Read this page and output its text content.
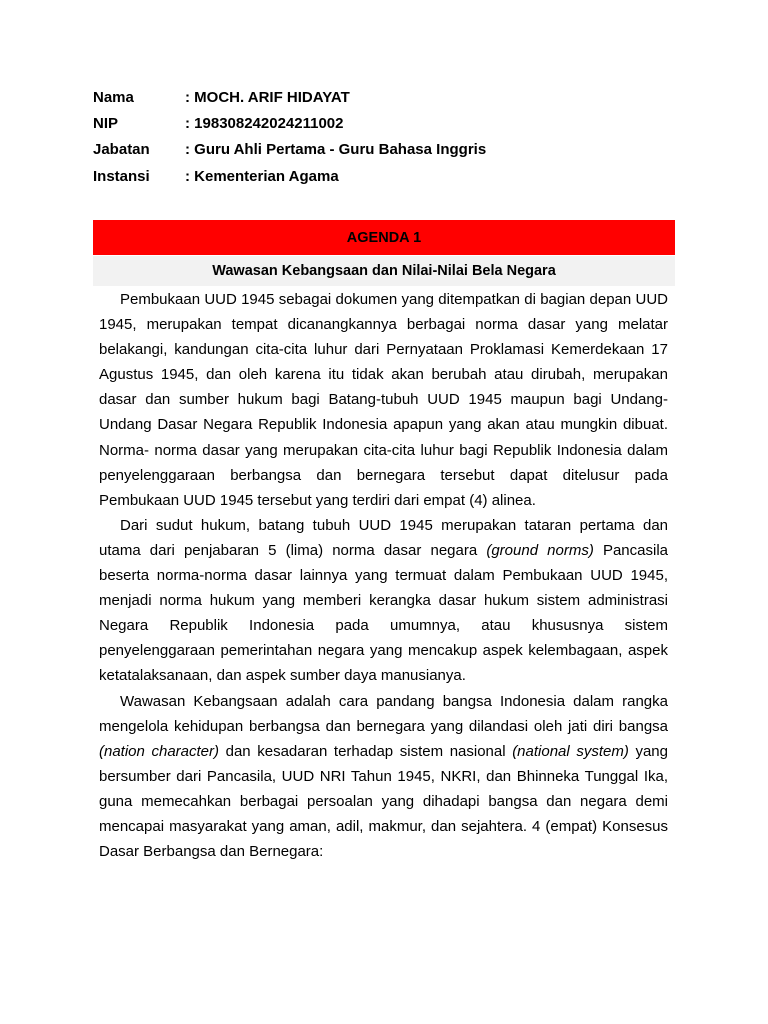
Nama	: MOCH. ARIF HIDAYAT
NIP	: 198308242024211002
Jabatan	: Guru Ahli Pertama - Guru Bahasa Inggris
Instansi	: Kementerian Agama
AGENDA 1
Wawasan Kebangsaan dan Nilai-Nilai Bela Negara

Pembukaan UUD 1945 sebagai dokumen yang ditempatkan di bagian depan UUD 1945, merupakan tempat dicanangkannya berbagai norma dasar yang melatar belakangi, kandungan cita-cita luhur dari Pernyataan Proklamasi Kemerdekaan 17 Agustus 1945, dan oleh karena itu tidak akan berubah atau dirubah, merupakan dasar dan sumber hukum bagi Batang-tubuh UUD 1945 maupun bagi Undang-Undang Dasar Negara Republik Indonesia apapun yang akan atau mungkin dibuat. Norma- norma dasar yang merupakan cita-cita luhur bagi Republik Indonesia dalam penyelenggaraan berbangsa dan bernegara tersebut dapat ditelusur pada Pembukaan UUD 1945 tersebut yang terdiri dari empat (4) alinea.

Dari sudut hukum, batang tubuh UUD 1945 merupakan tataran pertama dan utama dari penjabaran 5 (lima) norma dasar negara (ground norms) Pancasila beserta norma-norma dasar lainnya yang termuat dalam Pembukaan UUD 1945, menjadi norma hukum yang memberi kerangka dasar hukum sistem administrasi Negara Republik Indonesia pada umumnya, atau khususnya sistem penyelenggaraan pemerintahan negara yang mencakup aspek kelembagaan, aspek ketatalaksanaan, dan aspek sumber daya manusianya.

Wawasan Kebangsaan adalah cara pandang bangsa Indonesia dalam rangka mengelola kehidupan berbangsa dan bernegara yang dilandasi oleh jati diri bangsa (nation character) dan kesadaran terhadap sistem nasional (national system) yang bersumber dari Pancasila, UUD NRI Tahun 1945, NKRI, dan Bhinneka Tunggal Ika, guna memecahkan berbagai persoalan yang dihadapi bangsa dan negara demi mencapai masyarakat yang aman, adil, makmur, dan sejahtera. 4 (empat) Konsesus Dasar Berbangsa dan Bernegara:
